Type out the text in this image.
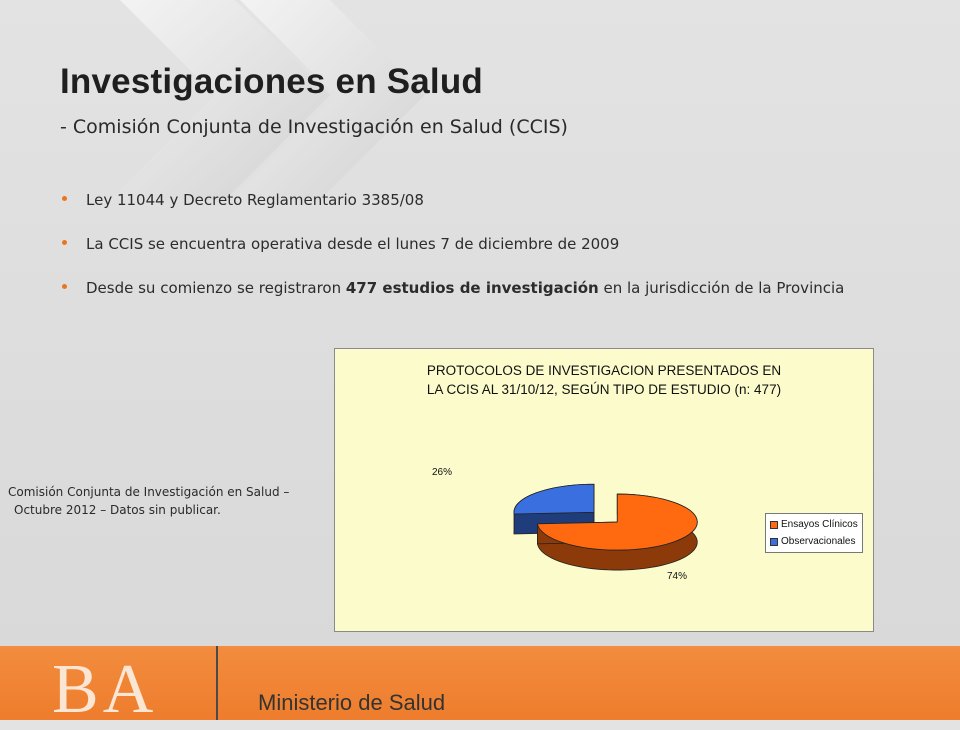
Investigaciones en Salud

- Comisión Conjunta de Investigación en Salud (CCIS)

Ley 11044 y Decreto Reglamentario 3385/08
La CCIS se encuentra operativa desde el lunes 7 de diciembre de 2009
Desde su comienzo se registraron 477 estudios de investigación en la jurisdicción de la Provincia
Comisión Conjunta de Investigación en Salud –
Octubre 2012 – Datos sin publicar.
PROTOCOLOS DE INVESTIGACION PRESENTADOS EN
LA CCIS AL 31/10/12, SEGÚN TIPO DE ESTUDIO (n: 477)
26%
74%
Ensayos Clínicos
Observacionales
BA	Ministerio de Salud
